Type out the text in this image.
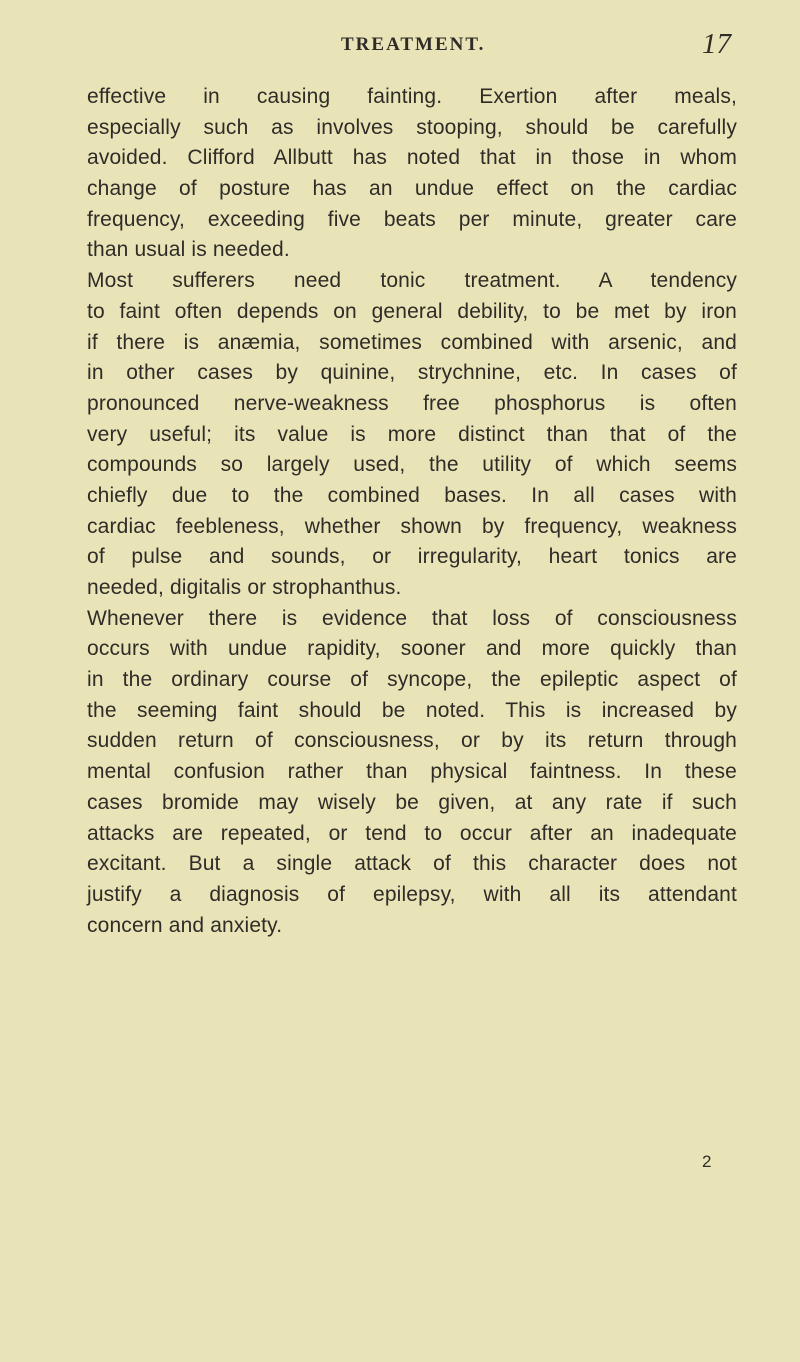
TREATMENT.	17
effective in causing fainting. Exertion after meals,
especially such as involves stooping, should be carefully
avoided. Clifford Allbutt has noted that in those in whom
change of posture has an undue effect on the cardiac
frequency, exceeding five beats per minute, greater care
than usual is needed.
Most sufferers need tonic treatment. A tendency
to faint often depends on general debility, to be met by iron
if there is anæmia, sometimes combined with arsenic, and
in other cases by quinine, strychnine, etc. In cases of
pronounced nerve-weakness free phosphorus is often
very useful; its value is more distinct than that of the
compounds so largely used, the utility of which seems
chiefly due to the combined bases. In all cases with
cardiac feebleness, whether shown by frequency, weakness
of pulse and sounds, or irregularity, heart tonics are
needed, digitalis or strophanthus.
Whenever there is evidence that loss of consciousness
occurs with undue rapidity, sooner and more quickly than
in the ordinary course of syncope, the epileptic aspect of
the seeming faint should be noted. This is increased by
sudden return of consciousness, or by its return through
mental confusion rather than physical faintness. In these
cases bromide may wisely be given, at any rate if such
attacks are repeated, or tend to occur after an inadequate
excitant. But a single attack of this character does not
justify a diagnosis of epilepsy, with all its attendant
concern and anxiety.
2
